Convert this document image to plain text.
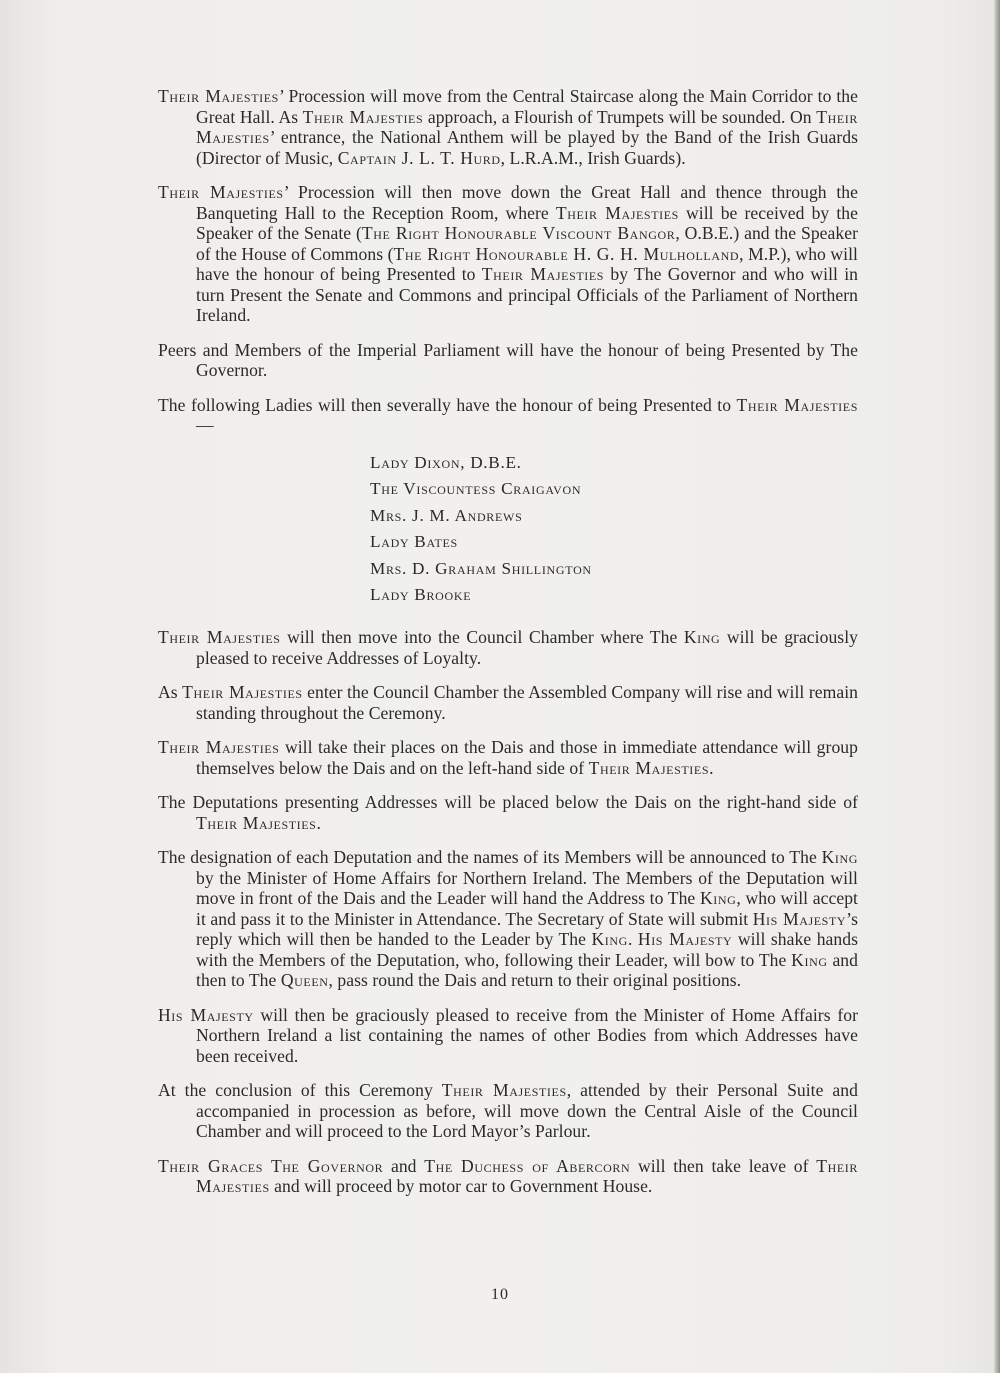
Their Majesties’ Procession will move from the Central Staircase along the Main Corridor to the Great Hall. As Their Majesties approach, a Flourish of Trumpets will be sounded. On Their Majesties’ entrance, the National Anthem will be played by the Band of the Irish Guards (Director of Music, Captain J. L. T. Hurd, L.R.A.M., Irish Guards).

Their Majesties’ Procession will then move down the Great Hall and thence through the Banqueting Hall to the Reception Room, where Their Majesties will be received by the Speaker of the Senate (The Right Honourable Viscount Bangor, O.B.E.) and the Speaker of the House of Commons (The Right Honourable H. G. H. Mulholland, M.P.), who will have the honour of being Presented to Their Majesties by The Governor and who will in turn Present the Senate and Commons and principal Officials of the Parliament of Northern Ireland.

Peers and Members of the Imperial Parliament will have the honour of being Presented by The Governor.

The following Ladies will then severally have the honour of being Presented to Their Majesties—

Lady Dixon, D.B.E.
The Viscountess Craigavon
Mrs. J. M. Andrews
Lady Bates
Mrs. D. Graham Shillington
Lady Brooke

Their Majesties will then move into the Council Chamber where The King will be graciously pleased to receive Addresses of Loyalty.

As Their Majesties enter the Council Chamber the Assembled Company will rise and will remain standing throughout the Ceremony.

Their Majesties will take their places on the Dais and those in immediate attendance will group themselves below the Dais and on the left-hand side of Their Majesties.

The Deputations presenting Addresses will be placed below the Dais on the right-hand side of Their Majesties.

The designation of each Deputation and the names of its Members will be announced to The King by the Minister of Home Affairs for Northern Ireland. The Members of the Deputation will move in front of the Dais and the Leader will hand the Address to The King, who will accept it and pass it to the Minister in Attendance. The Secretary of State will submit His Majesty’s reply which will then be handed to the Leader by The King. His Majesty will shake hands with the Members of the Deputation, who, following their Leader, will bow to The King and then to The Queen, pass round the Dais and return to their original positions.

His Majesty will then be graciously pleased to receive from the Minister of Home Affairs for Northern Ireland a list containing the names of other Bodies from which Addresses have been received.

At the conclusion of this Ceremony Their Majesties, attended by their Personal Suite and accompanied in procession as before, will move down the Central Aisle of the Council Chamber and will proceed to the Lord Mayor’s Parlour.

Their Graces The Governor and The Duchess of Abercorn will then take leave of Their Majesties and will proceed by motor car to Government House.

10
